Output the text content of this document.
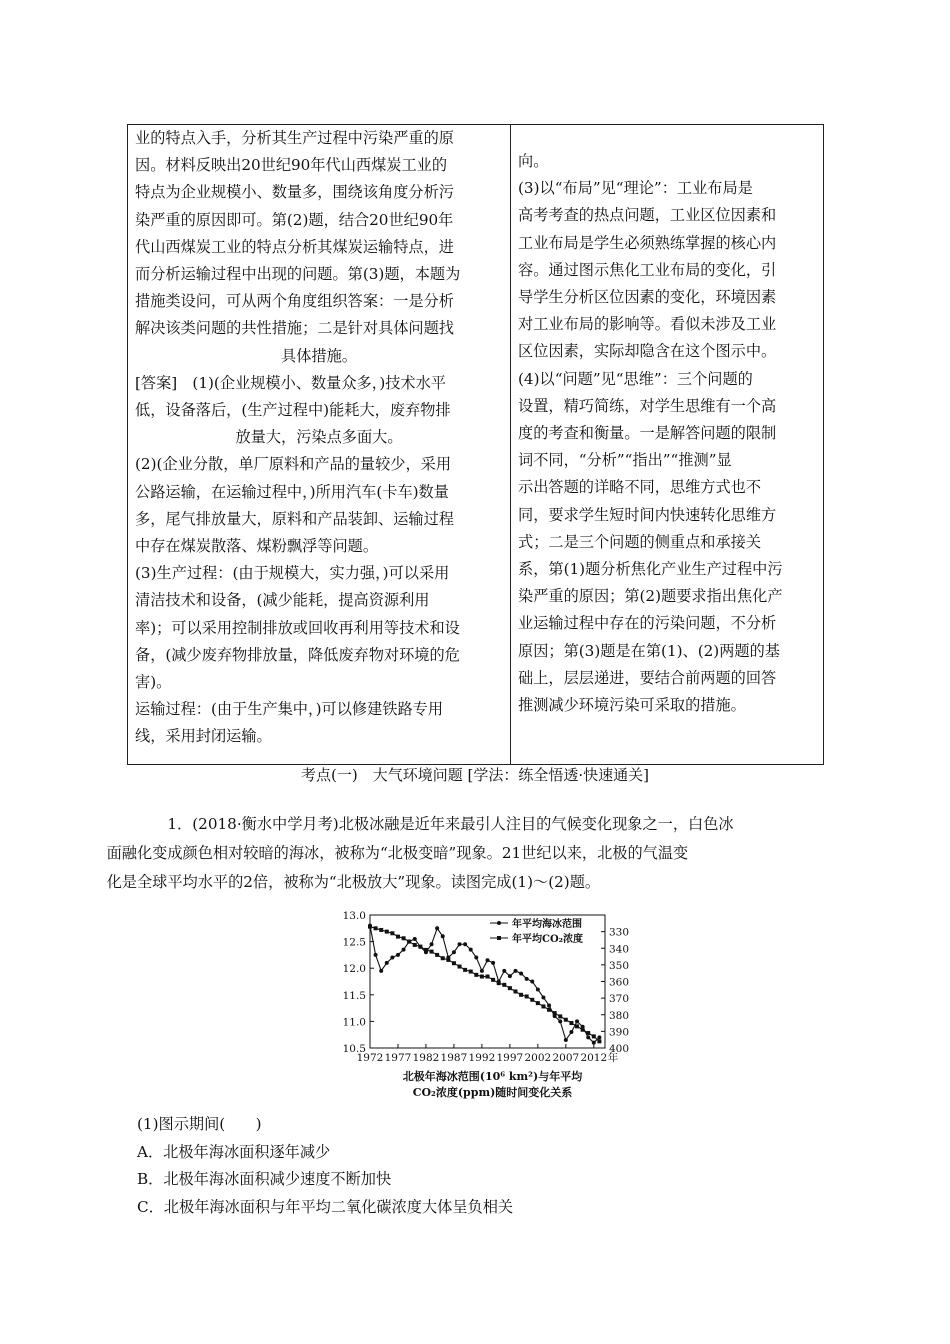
业的特点入手，分析其生产过程中污染严重的原

因。材料反映出20世纪90年代山西煤炭工业的

特点为企业规模小、数量多，围绕该角度分析污

染严重的原因即可。第(2)题，结合20世纪90年

代山西煤炭工业的特点分析其煤炭运输特点，进

而分析运输过程中出现的问题。第(3)题，本题为

措施类设问，可从两个角度组织答案：一是分析

解决该类问题的共性措施；二是针对具体问题找

具体措施。

[答案]　(1)(企业规模小、数量众多，)技术水平

低，设备落后，(生产过程中)能耗大，废弃物排

放量大，污染点多面大。

(2)(企业分散，单厂原料和产品的量较少，采用

公路运输，在运输过程中，)所用汽车(卡车)数量

多，尾气排放量大，原料和产品装卸、运输过程

中存在煤炭散落、煤粉飘浮等问题。

(3)生产过程：(由于规模大，实力强，)可以采用

清洁技术和设备，(减少能耗，提高资源利用

率)；可以采用控制排放或回收再利用等技术和设

备，(减少废弃物排放量，降低废弃物对环境的危

害)。

运输过程：(由于生产集中，)可以修建铁路专用

线，采用封闭运输。

向。

(3)以“布局”见“理论”：工业布局是

高考考查的热点问题，工业区位因素和

工业布局是学生必须熟练掌握的核心内

容。通过图示焦化工业布局的变化，引

导学生分析区位因素的变化，环境因素

对工业布局的影响等。看似未涉及工业

区位因素，实际却隐含在这个图示中。

(4)以“问题”见“思维”：三个问题的

设置，精巧简练，对学生思维有一个高

度的考查和衡量。一是解答问题的限制

词不同，“分析”“指出”“推测”显

示出答题的详略不同，思维方式也不

同，要求学生短时间内快速转化思维方

式；二是三个问题的侧重点和承接关

系，第(1)题分析焦化产业生产过程中污

染严重的原因；第(2)题要求指出焦化产

业运输过程中存在的污染问题，不分析

原因；第(3)题是在第(1)、(2)两题的基

础上，层层递进，要结合前两题的回答

推测减少环境污染可采取的措施。

考点(一)　大气环境问题 [学法：练全悟透·快速通关]

1．(2018·衡水中学月考)北极冰融是近年来最引人注目的气候变化现象之一，白色冰
面融化变成颜色相对较暗的海冰，被称为“北极变暗”现象。21世纪以来，北极的气温变
化是全球平均水平的2倍，被称为“北极放大”现象。读图完成(1)～(2)题。

13.0
12.5
12.0
11.5
11.0
10.5
330
340
350
360
370
380
390
400
1972 1977 1982 1987 1992 1997 2002 2007 2012 年
年平均海冰范围
年平均CO₂浓度
北极年海冰范围(10⁶ km²)与年平均
CO₂浓度(ppm)随时间变化关系

(1)图示期间(　　)

A．北极年海冰面积逐年减少

B．北极年海冰面积减少速度不断加快

C．北极年海冰面积与年平均二氧化碳浓度大体呈负相关
